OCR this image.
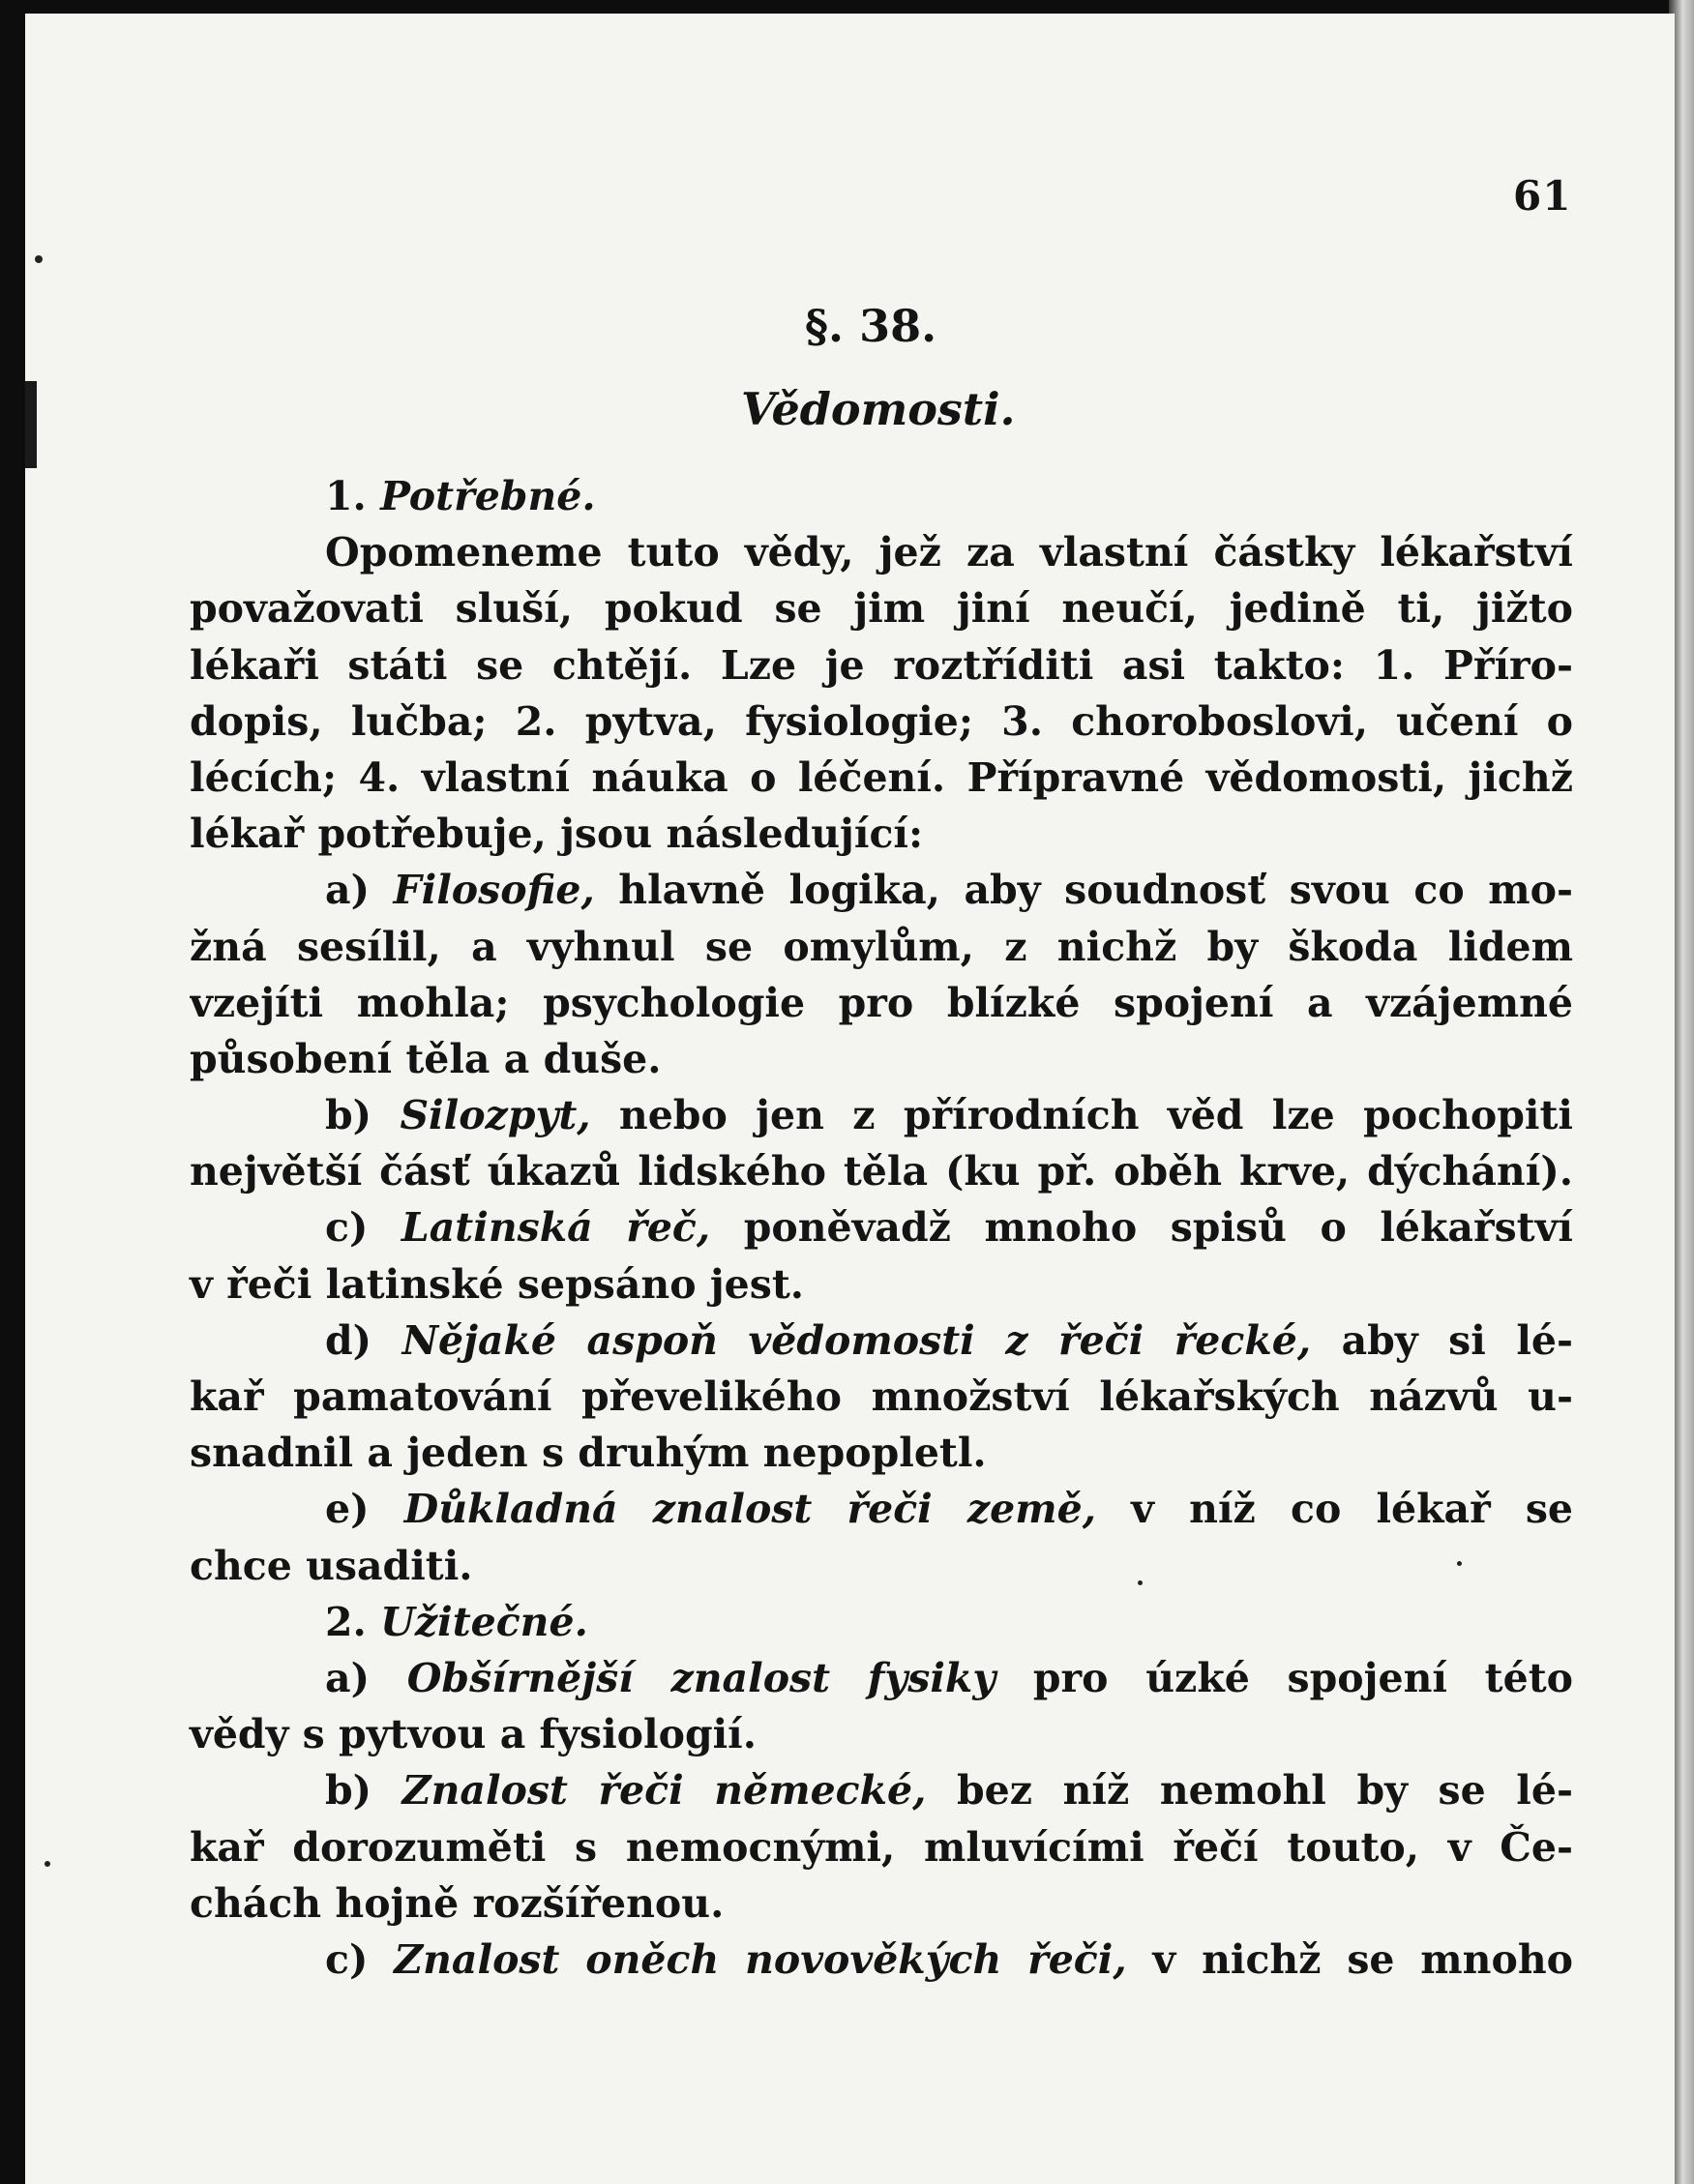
61
§. 38.
Vědomosti.
1. Potřebné.
Opomeneme tuto vědy, jež za vlastní částky lékařství
považovati sluší, pokud se jim jiní neučí, jedině ti, jižto
lékaři státi se chtějí. Lze je roztříditi asi takto: 1. Příro-
dopis, lučba; 2. pytva, fysiologie; 3. choroboslovi, učení o
lécích; 4. vlastní náuka o léčení. Přípravné vědomosti, jichž
lékař potřebuje, jsou následující:
a) Filosofie, hlavně logika, aby soudnosť svou co mo-
žná sesílil, a vyhnul se omylům, z nichž by škoda lidem
vzejíti mohla; psychologie pro blízké spojení a vzájemné
působení těla a duše.
b) Silozpyt, nebo jen z přírodních věd lze pochopiti
největší čásť úkazů lidského těla (ku př. oběh krve, dýchání).
c) Latinská řeč, poněvadž mnoho spisů o lékařství
v řeči latinské sepsáno jest.
d) Nějaké aspoň vědomosti z řeči řecké, aby si lé-
kař pamatování převelikého množství lékařských názvů u-
snadnil a jeden s druhým nepopletl.
e) Důkladná znalost řeči země, v níž co lékař se
chce usaditi.
2. Užitečné.
a) Obšírnější znalost fysiky pro úzké spojení této
vědy s pytvou a fysiologií.
b) Znalost řeči německé, bez níž nemohl by se lé-
kař dorozuměti s nemocnými, mluvícími řečí touto, v Če-
chách hojně rozšířenou.
c) Znalost oněch novověkých řeči, v nichž se mnoho
